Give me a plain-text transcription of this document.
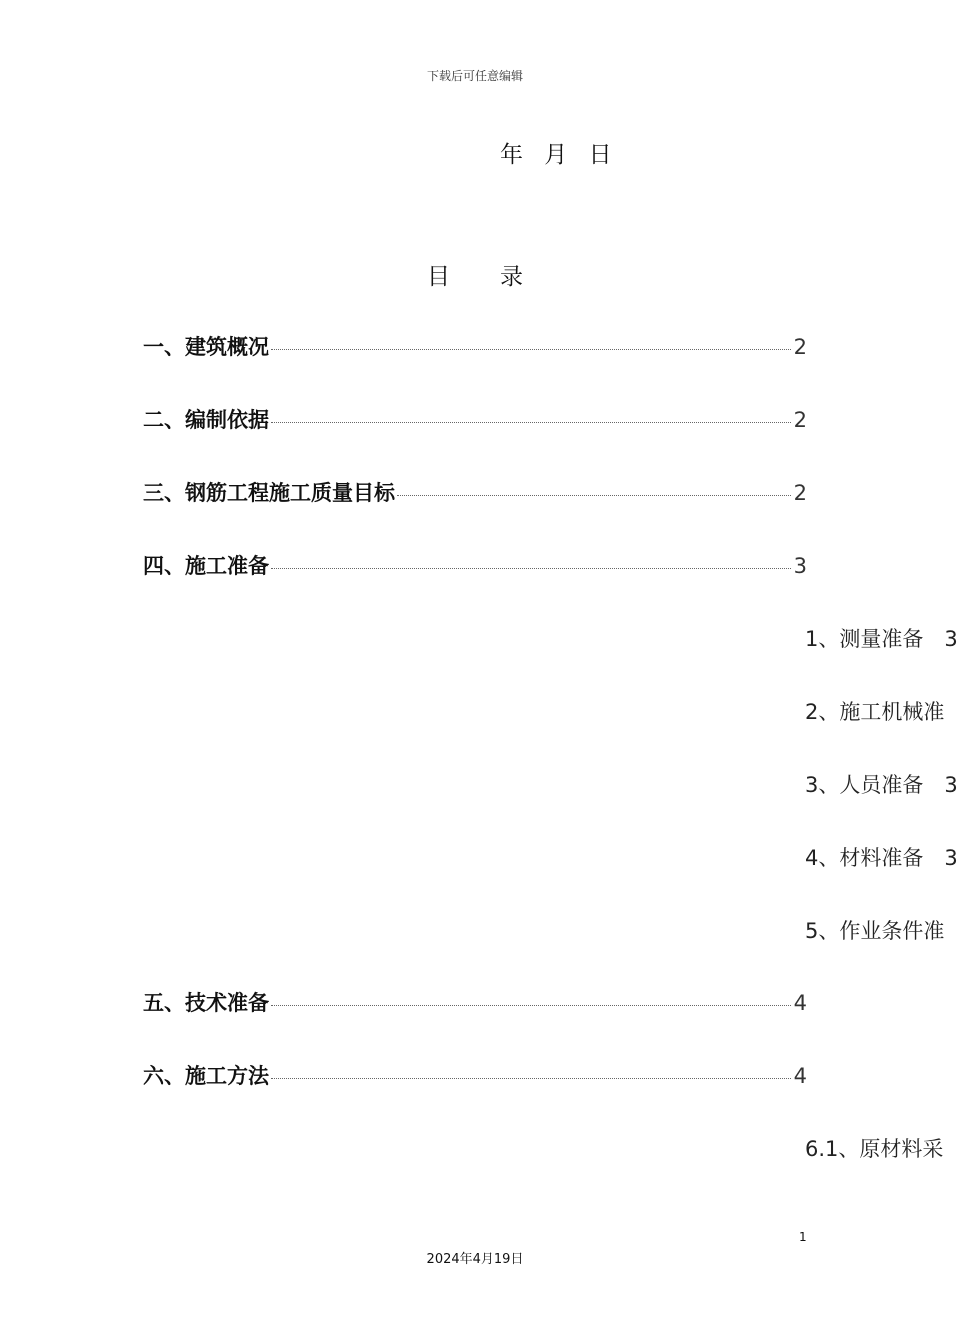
下载后可任意编辑
年 月 日
目 录
一、建筑概况	2
二、编制依据	2
三、钢筋工程施工质量目标	2
四、施工准备	3
1、测量准备  3
2、施工机械准
3、人员准备  3
4、材料准备  3
5、作业条件准
五、技术准备	4
六、施工方法	4
6.1、原材料采
1
2024年4月19日
